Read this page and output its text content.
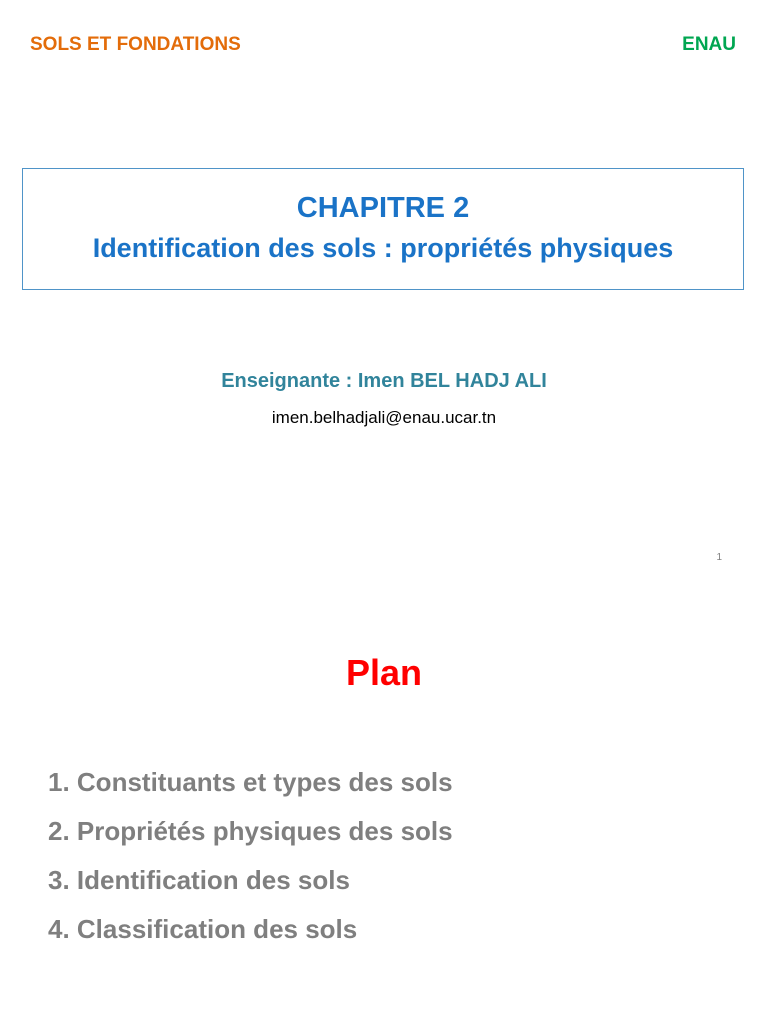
SOLS ET FONDATIONS	ENAU
CHAPITRE 2
Identification des sols : propriétés physiques
Enseignante : Imen BEL HADJ ALI
imen.belhadjali@enau.ucar.tn
1
Plan
1. Constituants et types des sols
2. Propriétés physiques des sols
3. Identification des sols
4. Classification des sols
